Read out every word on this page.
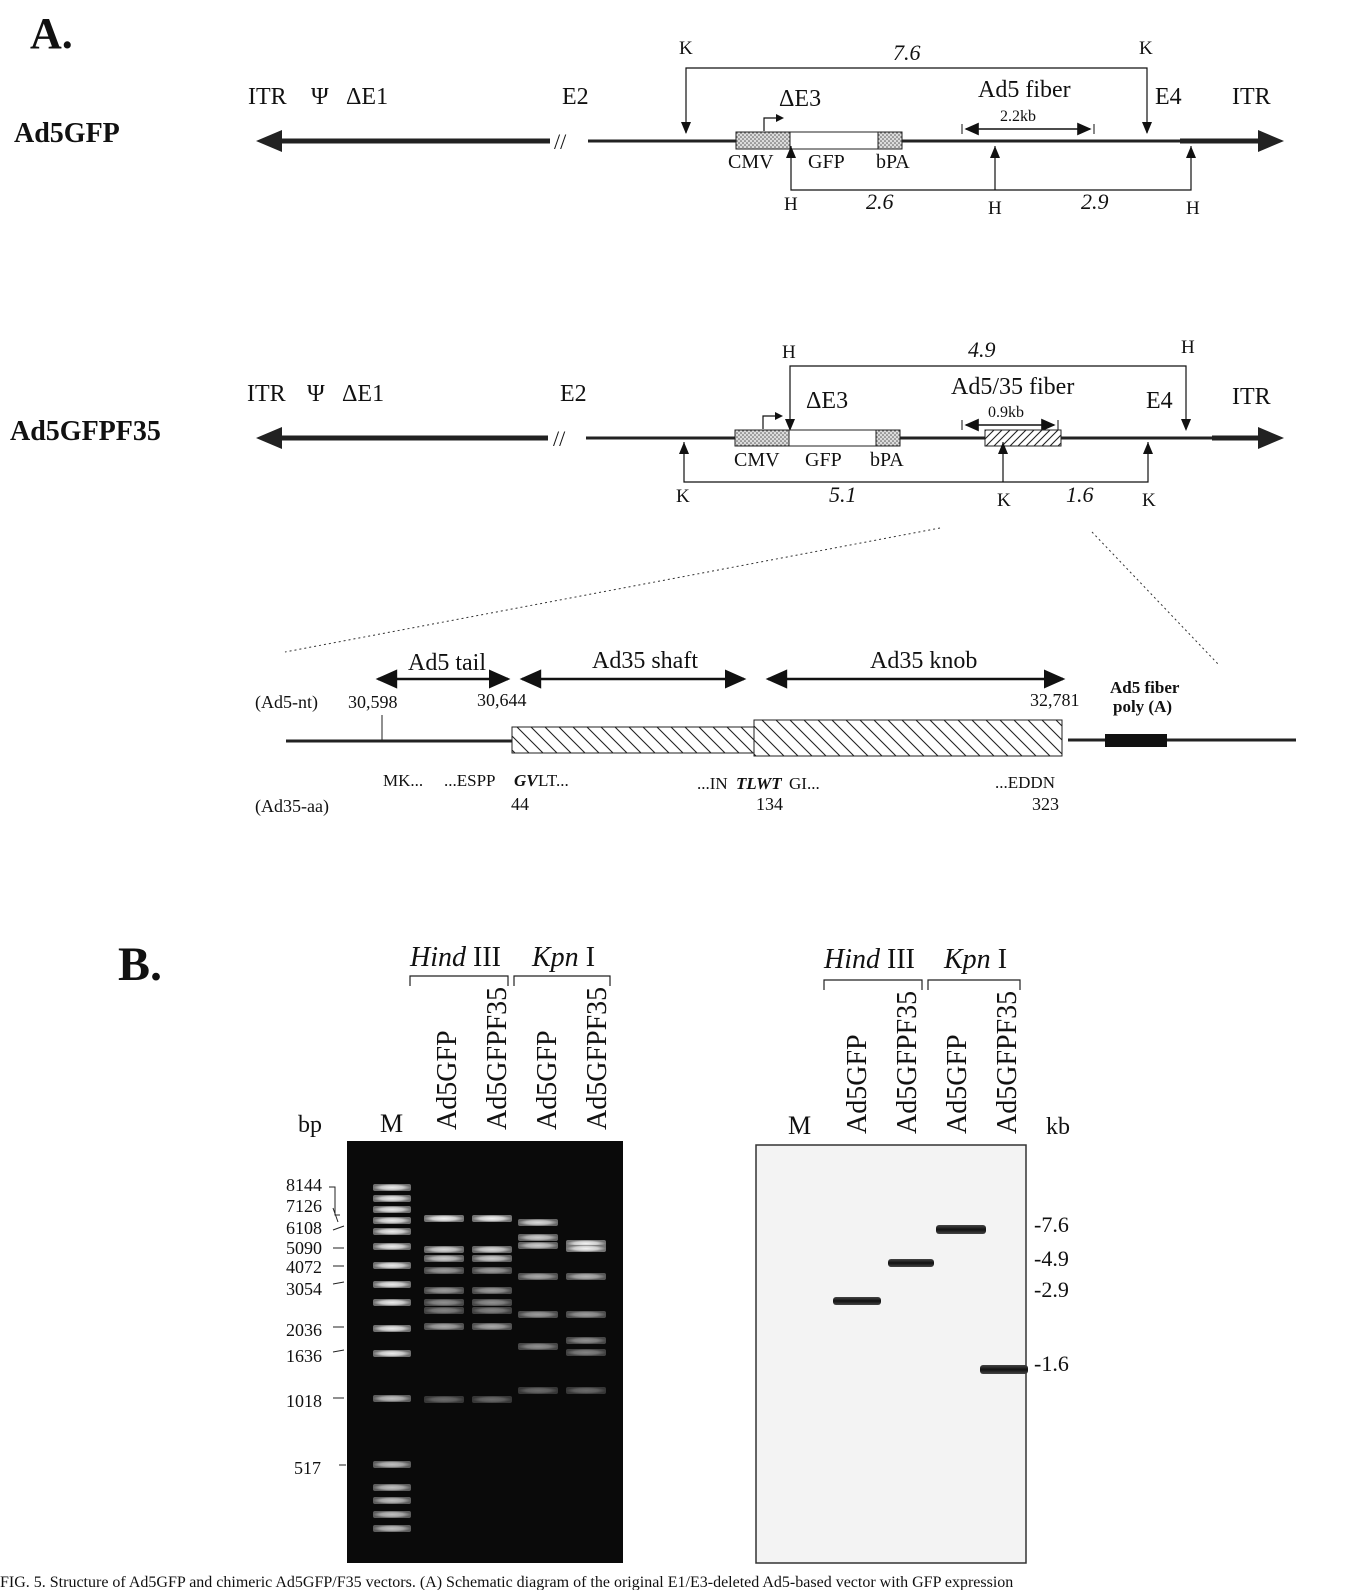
A.
Ad5GFP
K	K
7.6
ITR Ψ ΔE1	E2	ΔE3	Ad5 fiber
2.2kb
E4 ITR
//
CMV GFP bPA
H	H	H
2.6	2.9
Ad5GFPF35
H	H
4.9
ITR Ψ ΔE1	E2	ΔE3
Ad5/35 fiber
0.9kb	E4 ITR
//
CMV GFP bPA
K	K	K
5.1	1.6
Ad5 tail	Ad35 shaft	Ad35 knob
(Ad5-nt) 30,598	30,644	32,781
Ad5 fiber
poly (A)
MK... ...ESPP GV LT...	...IN TLWT GI...	...EDDN
(Ad35-aa)	44	134	323
B.	Hind III Kpn I
bp M Ad5GFP Ad5GFPF35 Ad5GFP Ad5GFPF35
8144
7126
6108
5090
4072
3054
2036
1636
1018
517
Hind III Kpn I
M Ad5GFP Ad5GFPF35 Ad5GFP Ad5GFPF35 kb
-7.6
-4.9
-2.9
-1.6
FIG. 5. Structure of Ad5GFP and chimeric Ad5GFP/F35 vectors. (A) Schematic diagram of the original E1/E3-deleted Ad5-based vector with GFP expression
